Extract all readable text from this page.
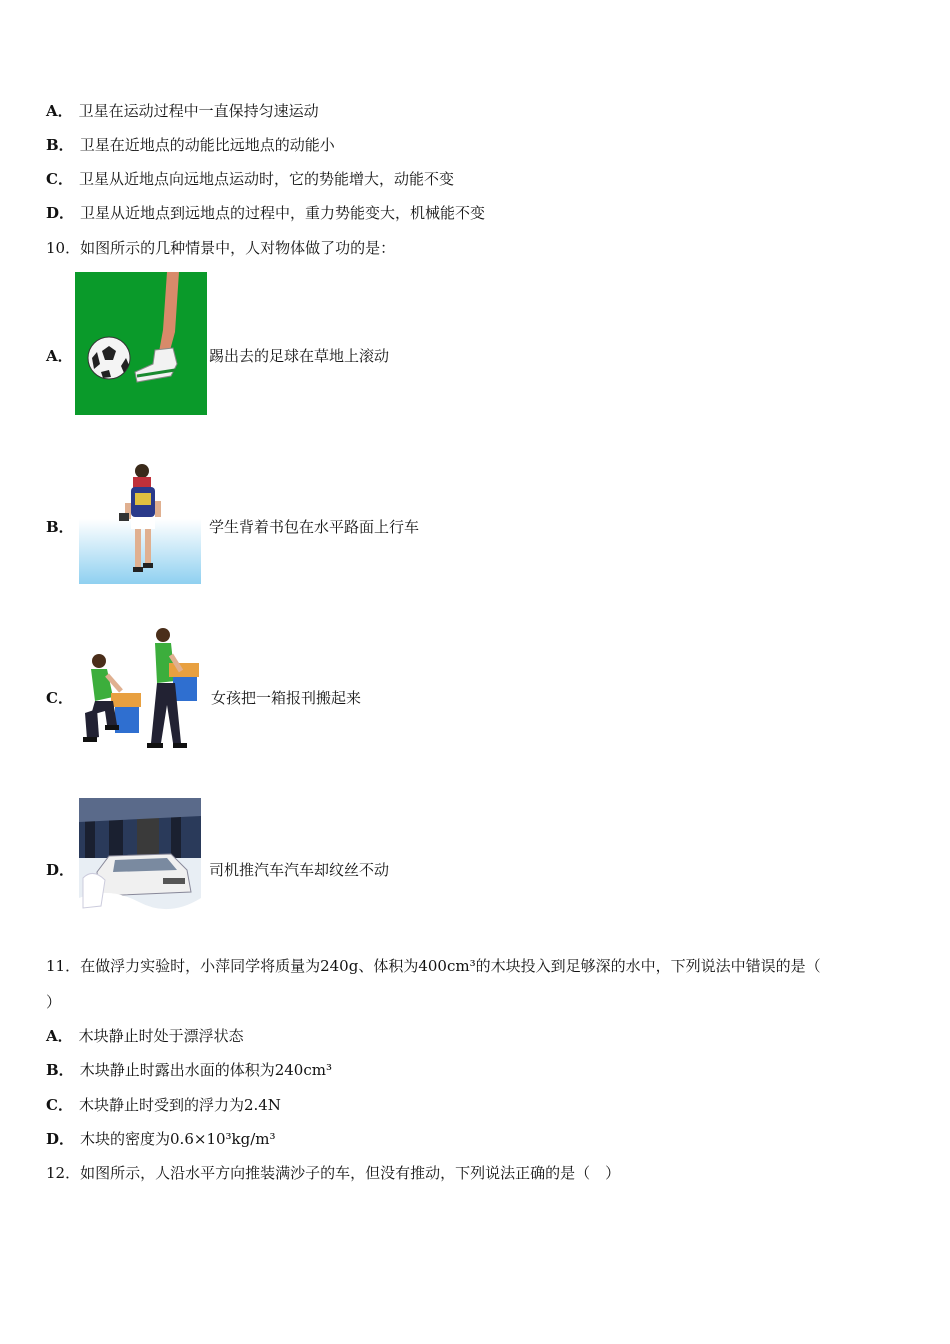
A． 卫星在运动过程中一直保持匀速运动
B． 卫星在近地点的动能比远地点的动能小
C． 卫星从近地点向远地点运动时，它的势能增大，动能不变
D． 卫星从近地点到远地点的过程中，重力势能变大，机械能不变
10．如图所示的几种情景中，人对物体做了功的是：
A．	踢出去的足球在草地上滚动
B．	学生背着书包在水平路面上行车
C．	女孩把一箱报刊搬起来
D．	司机推汽车汽车却纹丝不动
11．在做浮力实验时，小萍同学将质量为240g、体积为400cm³的木块投入到足够深的水中，下列说法中错误的是（
）
A． 木块静止时处于漂浮状态
B． 木块静止时露出水面的体积为240cm³
C． 木块静止时受到的浮力为2.4N
D． 木块的密度为0.6×10³kg/m³
12．如图所示，人沿水平方向推装满沙子的车，但没有推动，下列说法正确的是（　）
